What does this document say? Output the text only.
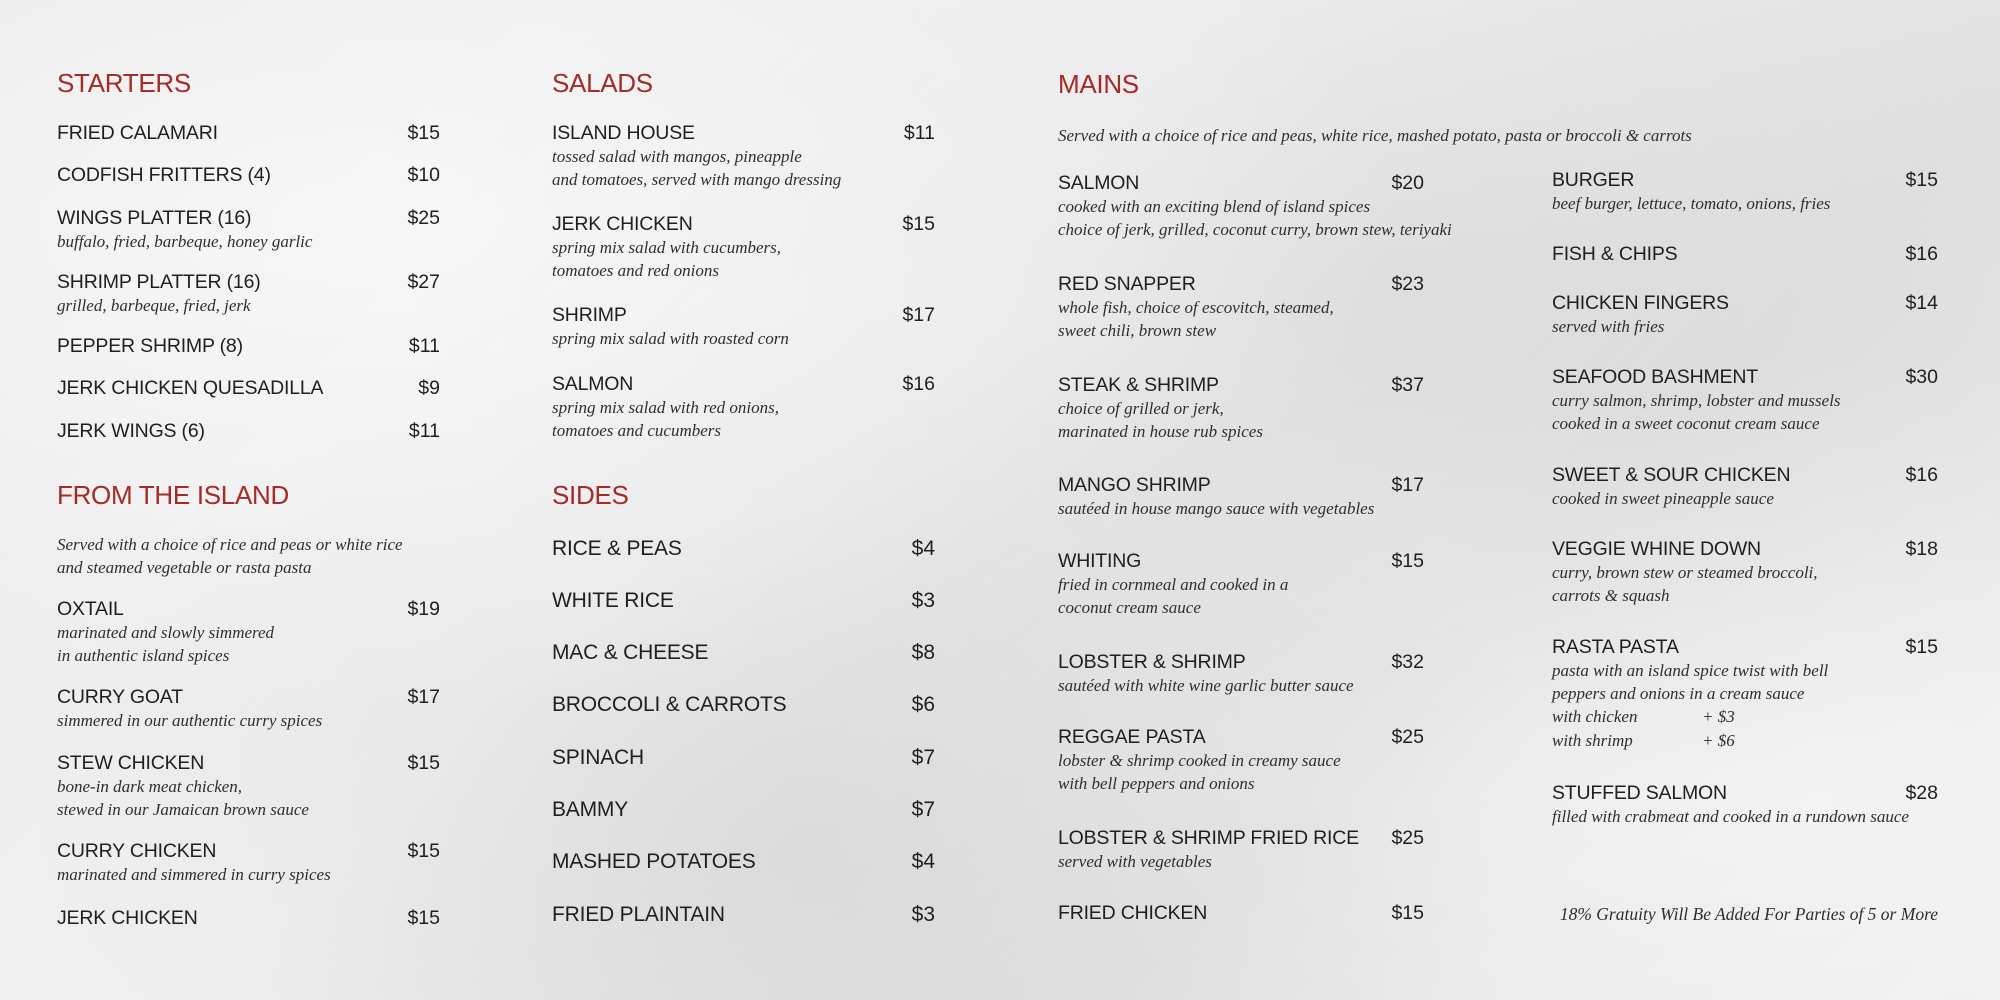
STARTERS
FRIED CALAMARI	$15
CODFISH FRITTERS (4)	$10
WINGS PLATTER (16)	$25
buffalo, fried, barbeque, honey garlic
SHRIMP PLATTER (16)	$27
grilled, barbeque, fried, jerk
PEPPER SHRIMP (8)	$11
JERK CHICKEN QUESADILLA	$9
JERK WINGS (6)	$11
FROM THE ISLAND
Served with a choice of rice and peas or white rice
and steamed vegetable or rasta pasta
OXTAIL	$19
marinated and slowly simmered
in authentic island spices
CURRY GOAT	$17
simmered in our authentic curry spices
STEW CHICKEN	$15
bone-in dark meat chicken,
stewed in our Jamaican brown sauce
CURRY CHICKEN	$15
marinated and simmered in curry spices
JERK CHICKEN	$15
SALADS
ISLAND HOUSE	$11
tossed salad with mangos, pineapple
and tomatoes, served with mango dressing
JERK CHICKEN	$15
spring mix salad with cucumbers,
tomatoes and red onions
SHRIMP	$17
spring mix salad with roasted corn
SALMON	$16
spring mix salad with red onions,
tomatoes and cucumbers
SIDES
RICE & PEAS	$4
WHITE RICE	$3
MAC & CHEESE	$8
BROCCOLI & CARROTS	$6
SPINACH	$7
BAMMY	$7
MASHED POTATOES	$4
FRIED PLAINTAIN	$3
MAINS
Served with a choice of rice and peas, white rice, mashed potato, pasta or broccoli & carrots
SALMON	$20
cooked with an exciting blend of island spices
choice of jerk, grilled, coconut curry, brown stew, teriyaki
RED SNAPPER	$23
whole fish, choice of escovitch, steamed,
sweet chili, brown stew
STEAK & SHRIMP	$37
choice of grilled or jerk,
marinated in house rub spices
MANGO SHRIMP	$17
sautéed in house mango sauce with vegetables
WHITING	$15
fried in cornmeal and cooked in a
coconut cream sauce
LOBSTER & SHRIMP	$32
sautéed with white wine garlic butter sauce
REGGAE PASTA	$25
lobster & shrimp cooked in creamy sauce
with bell peppers and onions
LOBSTER & SHRIMP FRIED RICE	$25
served with vegetables
FRIED CHICKEN	$15
BURGER	$15
beef burger, lettuce, tomato, onions, fries
FISH & CHIPS	$16
CHICKEN FINGERS	$14
served with fries
SEAFOOD BASHMENT	$30
curry salmon, shrimp, lobster and mussels
cooked in a sweet coconut cream sauce
SWEET & SOUR CHICKEN	$16
cooked in sweet pineapple sauce
VEGGIE WHINE DOWN	$18
curry, brown stew or steamed broccoli,
carrots & squash
RASTA PASTA	$15
pasta with an island spice twist with bell
peppers and onions in a cream sauce
with chicken	+ $3
with shrimp	+ $6
STUFFED SALMON	$28
filled with crabmeat and cooked in a rundown sauce
18% Gratuity Will Be Added For Parties of 5 or More
